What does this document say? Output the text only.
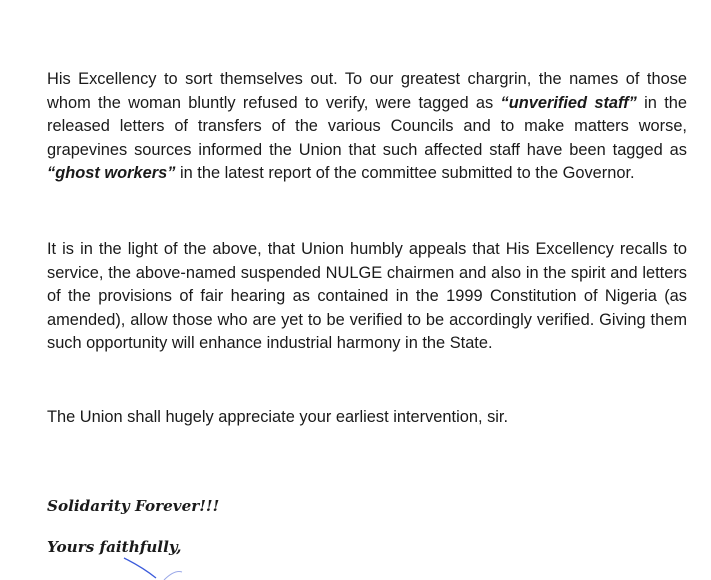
His Excellency to sort themselves out. To our greatest chargrin, the names of those whom the woman bluntly refused to verify, were tagged as “unverified staff” in the released letters of transfers of the various Councils and to make matters worse, grapevines sources informed the Union that such affected staff have been tagged as “ghost workers” in the latest report of the committee submitted to the Governor.

It is in the light of the above, that Union humbly appeals that His Excellency recalls to service, the above-named suspended NULGE chairmen and also in the spirit and letters of the provisions of fair hearing as contained in the 1999 Constitution of Nigeria (as amended), allow those who are yet to be verified to be accordingly verified. Giving them such opportunity will enhance industrial harmony in the State.

The Union shall hugely appreciate your earliest intervention, sir.

Solidarity Forever!!!

Yours faithfully,
